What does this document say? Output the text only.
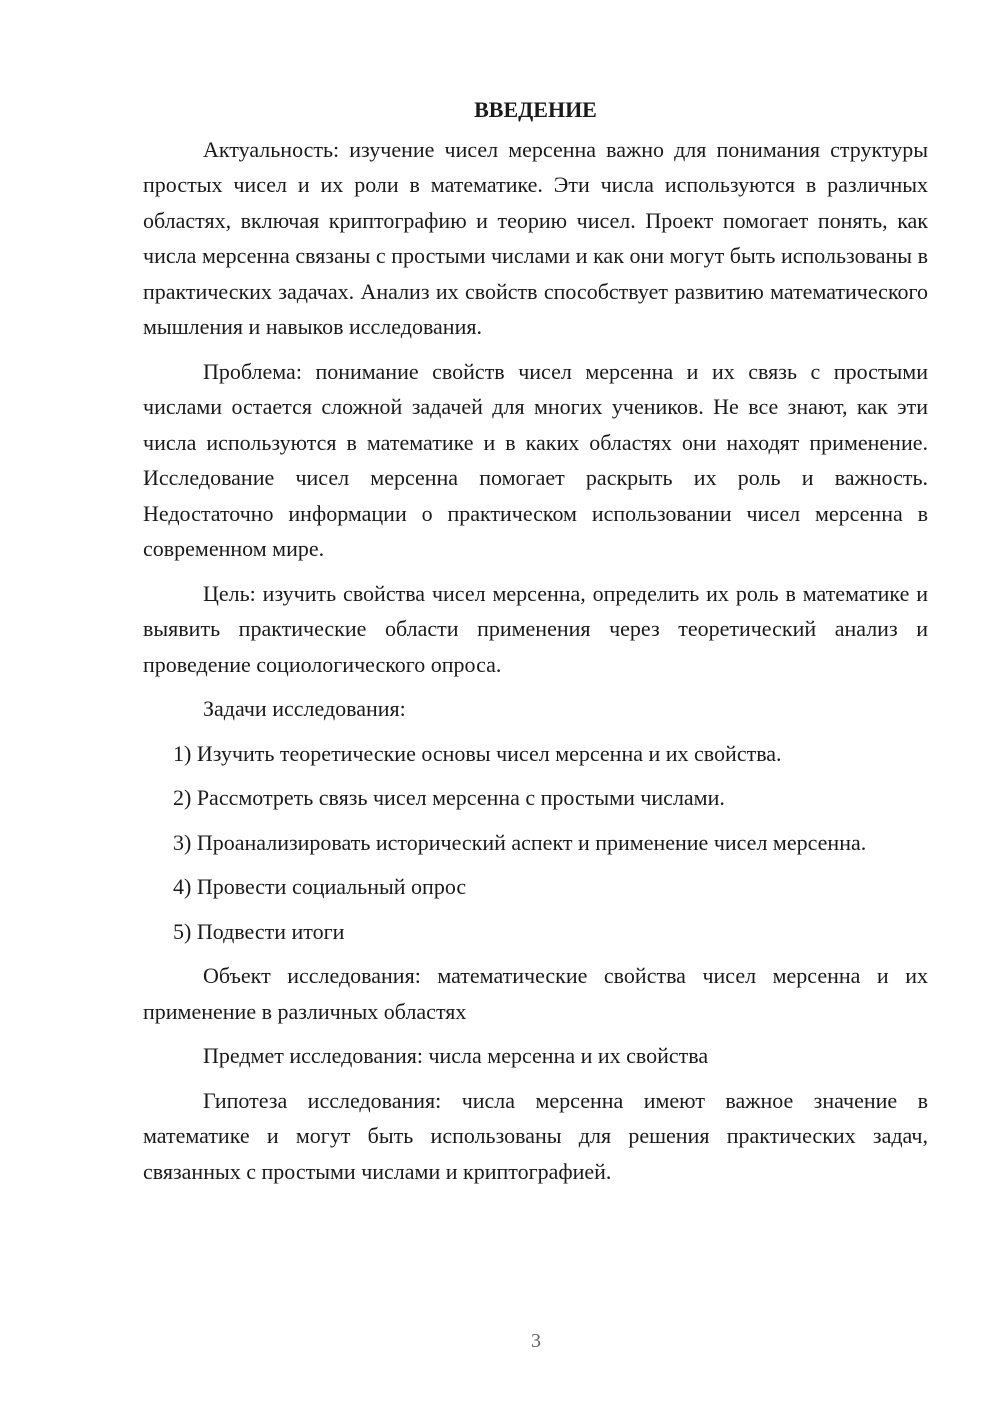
ВВЕДЕНИЕ

Актуальность: изучение чисел мерсенна важно для понимания структуры простых чисел и их роли в математике. Эти числа используются в различных областях, включая криптографию и теорию чисел. Проект помогает понять, как числа мерсенна связаны с простыми числами и как они могут быть использованы в практических задачах. Анализ их свойств способствует развитию математического мышления и навыков исследования.

Проблема: понимание свойств чисел мерсенна и их связь с простыми числами остается сложной задачей для многих учеников. Не все знают, как эти числа используются в математике и в каких областях они находят применение. Исследование чисел мерсенна помогает раскрыть их роль и важность. Недостаточно информации о практическом использовании чисел мерсенна в современном мире.

Цель: изучить свойства чисел мерсенна, определить их роль в математике и выявить практические области применения через теоретический анализ и проведение социологического опроса.

Задачи исследования:

1) Изучить теоретические основы чисел мерсенна и их свойства.

2) Рассмотреть связь чисел мерсенна с простыми числами.

3) Проанализировать исторический аспект и применение чисел мерсенна.

4) Провести социальный опрос

5) Подвести итоги

Объект исследования: математические свойства чисел мерсенна и их применение в различных областях

Предмет исследования: числа мерсенна и их свойства

Гипотеза исследования: числа мерсенна имеют важное значение в математике и могут быть использованы для решения практических задач, связанных с простыми числами и криптографией.

3
